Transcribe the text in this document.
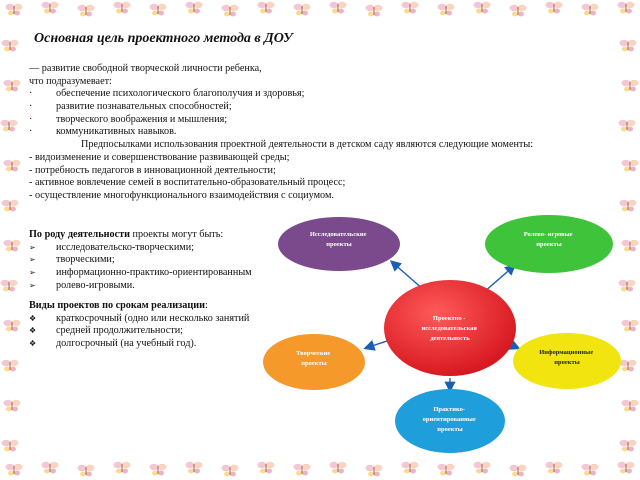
Основная цель проектного метода в ДОУ
— развитие свободной творческой личности ребенка,
что подразумевает:
· обеспечение психологического благополучия и здоровья;
· развитие познавательных способностей;
· творческого воображения и мышления;
· коммуникативных навыков.
Предпосылками использования проектной деятельности в детском саду являются следующие моменты:
- видоизменение и совершенствование развивающей среды;
- потребность педагогов в инновационной деятельности;
- активное вовлечение семей в воспитательно-образовательный процесс;
- осуществление многофункционального взаимодействия с социумом.
По роду деятельности проекты могут быть:
➢ исследовательско-творческими;
➢ творческими;
➢ информационно-практико-ориентированным
➢ ролево-игровыми.
Виды проектов по срокам реализации:
❖ краткосрочный (одно или несколько занятий
❖ средней продолжительности;
❖ долгосрочный (на учебный год).
Исследовательские проекты
Ролево- игровые проекты
Проектно - исследовательская деятельность
Творческие проекты
Информационные проекты
Практико- ориентированные проекты
